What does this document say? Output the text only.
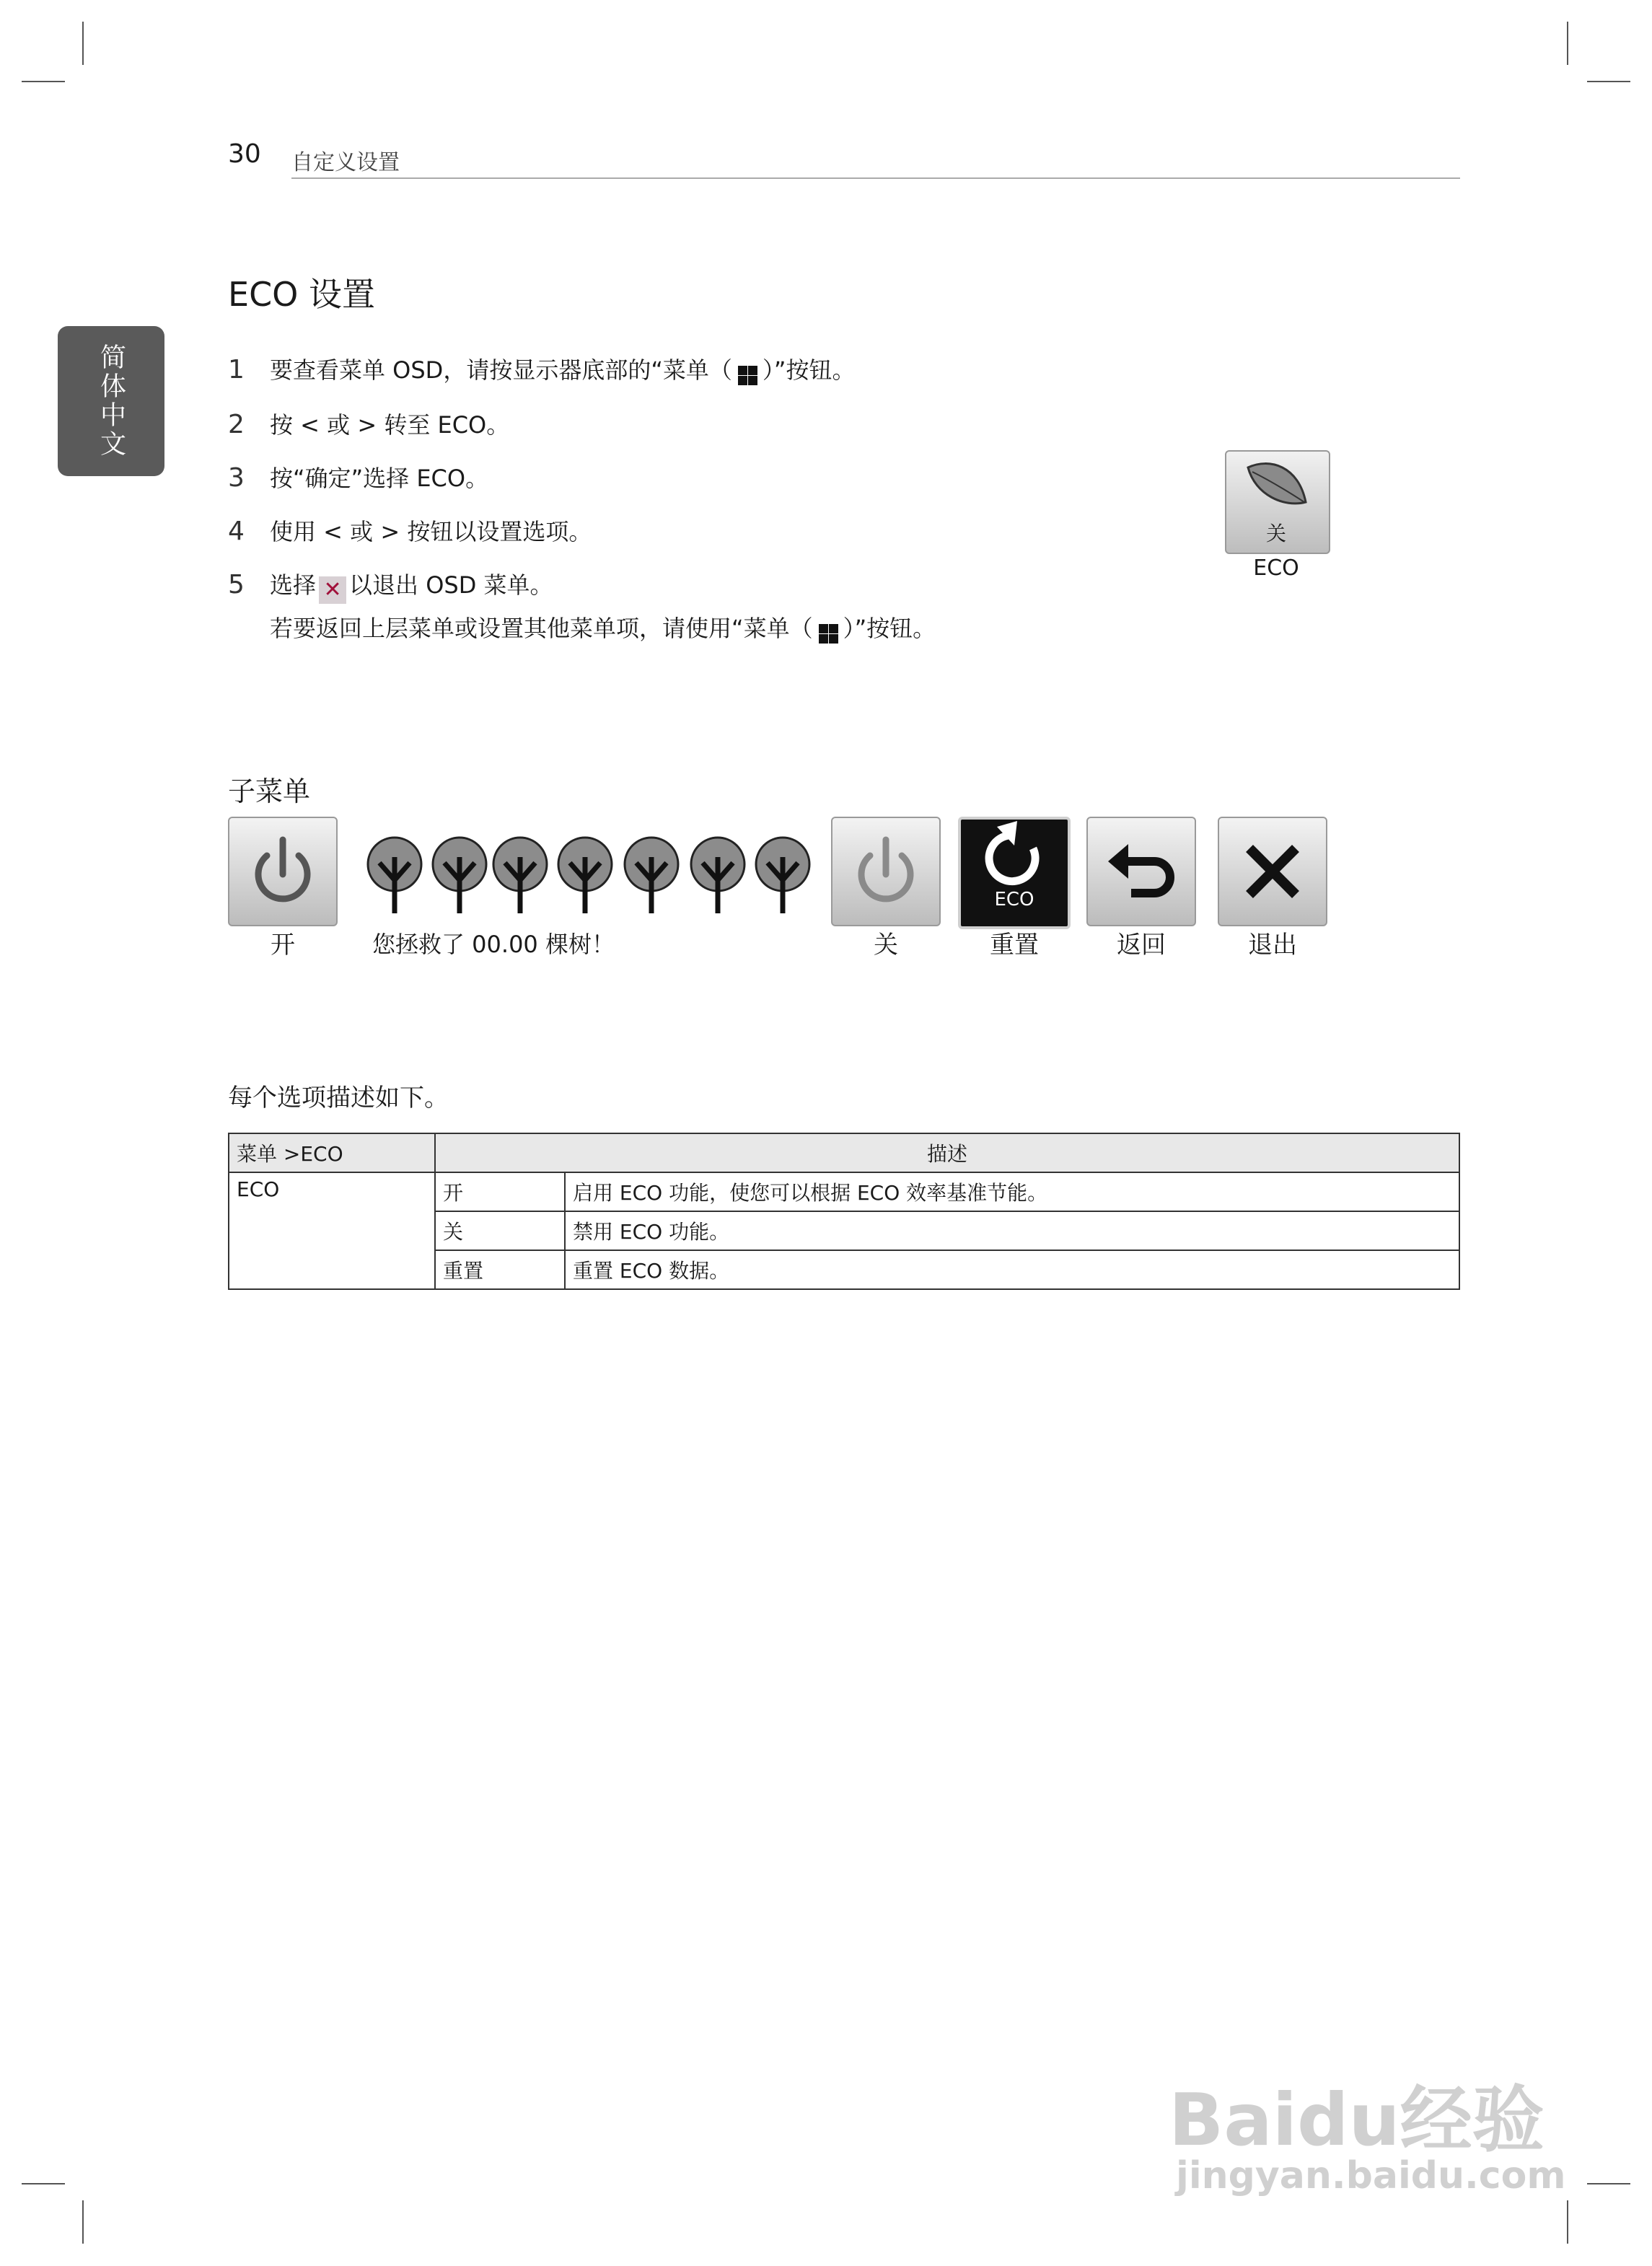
30 自定义设置
简体中文
ECO 设置
1 要查看菜单 OSD，请按显示器底部的“菜单（ ）”按钮。
2 按 < 或 > 转至 ECO。
3 按“确定”选择 ECO。
4 使用 < 或 > 按钮以设置选项。
5 选择 ✕ 以退出 OSD 菜单。
若要返回上层菜单或设置其他菜单项，请使用“菜单（ ）”按钮。
关
ECO
子菜单
开	您拯救了 00.00 棵树！	关
ECO
重置	返回	退出
每个选项描述如下。
菜单 >ECO	描述	
ECO	开	启用 ECO 功能，使您可以根据 ECO 效率基准节能。
	关	禁用 ECO 功能。
	重置	重置 ECO 数据。
Baidu经验
jingyan.baidu.com
